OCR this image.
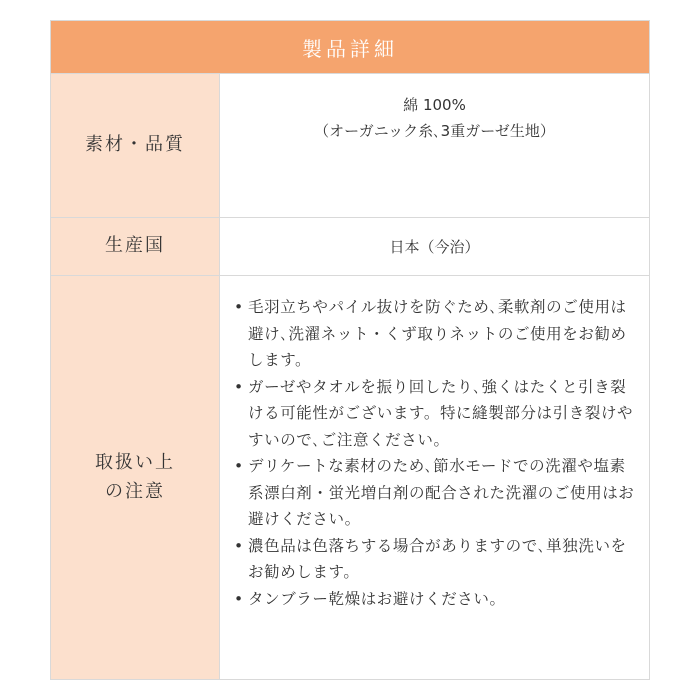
製品詳細
素材・品質
綿 100%
（オーガニック糸､3重ガーゼ生地）
生産国	日本（今治）
取扱い上
の注意
• 毛羽立ちやパイル抜けを防ぐため､柔軟剤のご使用は避け､洗濯ネット・くず取りネットのご使用をお勧めします。
• ガーゼやタオルを振り回したり､強くはたくと引き裂ける可能性がございます。特に縫製部分は引き裂けやすいので､ご注意ください。
• デリケートな素材のため､節水モードでの洗濯や塩素系漂白剤・蛍光増白剤の配合された洗濯のご使用はお避けください。
• 濃色品は色落ちする場合がありますので､単独洗いをお勧めします。
• タンブラー乾燥はお避けください。
